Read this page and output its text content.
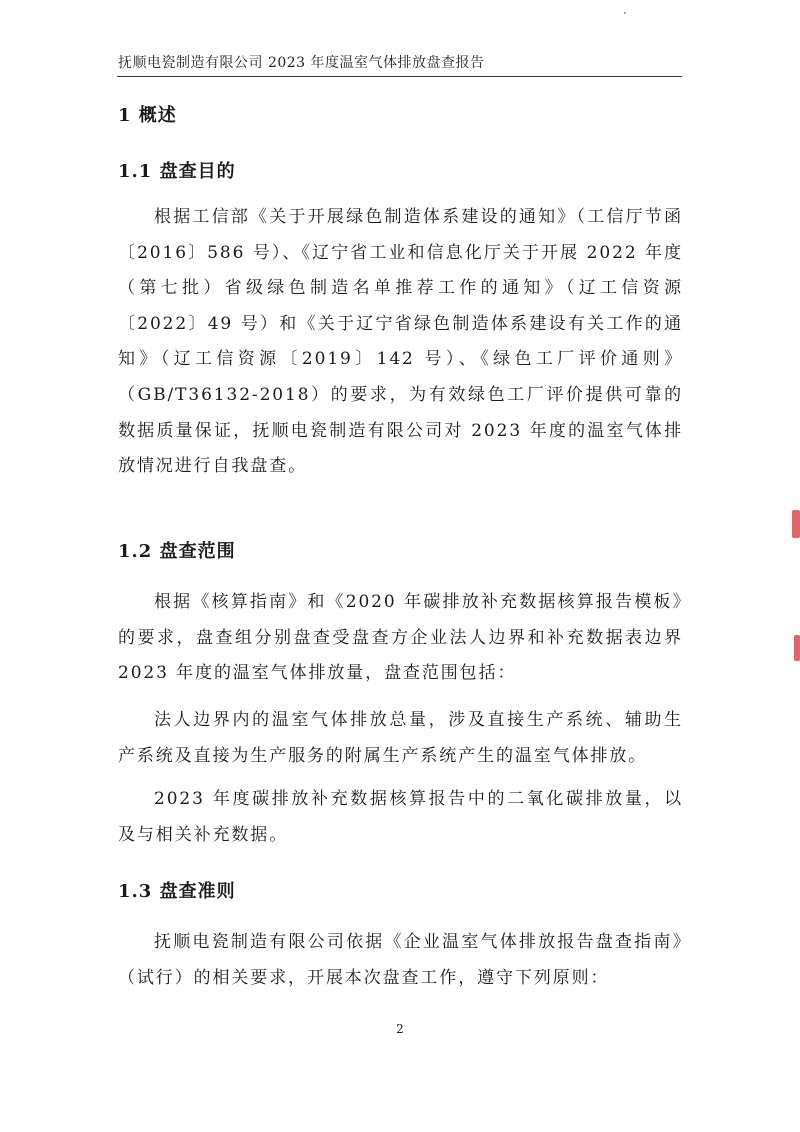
抚顺电瓷制造有限公司 2023 年度温室气体排放盘查报告
1 概述
1.1 盘查目的

根据工信部《关于开展绿色制造体系建设的通知》（工信厅节函〔2016〕586 号）、《辽宁省工业和信息化厅关于开展 2022 年度（第七批）省级绿色制造名单推荐工作的通知》（辽工信资源〔2022〕49 号）和《关于辽宁省绿色制造体系建设有关工作的通知》（辽工信资源〔2019〕142 号）、《绿色工厂评价通则》（GB/T36132-2018）的要求，为有效绿色工厂评价提供可靠的数据质量保证，抚顺电瓷制造有限公司对 2023 年度的温室气体排放情况进行自我盘查。

1.2 盘查范围

根据《核算指南》和《2020 年碳排放补充数据核算报告模板》的要求，盘查组分别盘查受盘查方企业法人边界和补充数据表边界 2023 年度的温室气体排放量，盘查范围包括：

法人边界内的温室气体排放总量，涉及直接生产系统、辅助生产系统及直接为生产服务的附属生产系统产生的温室气体排放。

2023 年度碳排放补充数据核算报告中的二氧化碳排放量，以及与相关补充数据。

1.3 盘查准则

抚顺电瓷制造有限公司依据《企业温室气体排放报告盘查指南》（试行）的相关要求，开展本次盘查工作，遵守下列原则：

2
